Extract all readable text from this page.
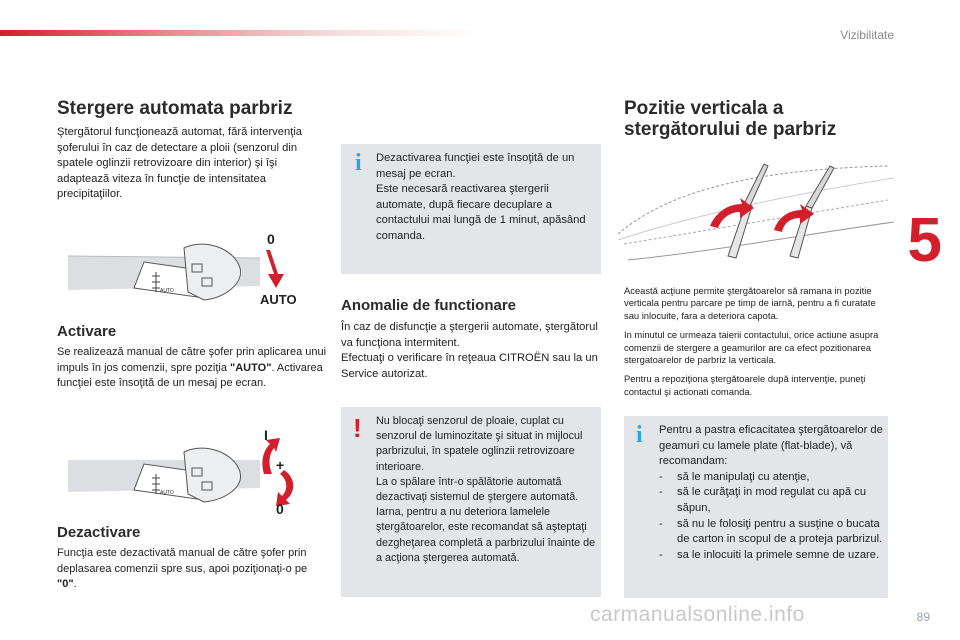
Vizibilitate
5
89
Stergere automata parbriz

Ştergătorul funcţionează automat, fără intervenţia şoferului în caz de detectare a ploii (senzorul din spatele oglinzii retrovizoare din interior) şi îşi adaptează viteza în funcţie de intensitatea precipitaţiilor.

AUTO
0
AUTO
Activare

Se realizează manual de către şofer prin aplicarea unui impuls în jos comenzii, spre poziţia "AUTO". Activarea funcţiei este însoţită de un mesaj pe ecran.

AUTO
I
+
0
Dezactivare

Funcţia este dezactivată manual de către şofer prin deplasarea comenzii spre sus, apoi poziţionaţi-o pe "0".

i Dezactivarea funcţiei este însoţită de un mesaj pe ecran.
Este necesară reactivarea ştergerii automate, după fiecare decuplare a contactului mai lungă de 1 minut, apăsând comanda.
Anomalie de functionare

În caz de disfuncţie a ştergerii automate, ştergătorul va funcţiona intermitent.
Efectuaţi o verificare în reţeaua CITROËN sau la un Service autorizat.

! Nu blocaţi senzorul de ploaie, cuplat cu senzorul de luminozitate şi situat in mijlocul parbrizului, în spatele oglinzii retrovizoare interioare.
La o spălare într-o spălătorie automată dezactivaţi sistemul de ştergere automată.
Iarna, pentru a nu deteriora lamelele ştergătoarelor, este recomandat să aşteptaţi dezgheţarea completă a parbrizului înainte de a acţiona ştergerea automată.
Pozitie verticala a stergătorului de parbriz

Această acţiune permite ştergătoarelor să ramana in pozitie verticala pentru parcare pe timp de iarnă, pentru a fi curatate sau inlocuite, fara a deteriora capota.

In minutul ce urmeaza taierii contactului, orice actiune asupra comenzii de stergere a geamurilor are ca efect pozitionarea stergatoarelor de parbriz la verticala.

Pentru a repoziţiona ştergătoarele după intervenţie, puneţi contactul şi actionati comanda.

i Pentru a pastra eficacitatea ştergătoarelor de geamuri cu lamele plate (flat-blade), vă recomandam:
- să le manipulaţi cu atenţie,
- să le curăţaţi in mod regulat cu apă cu săpun,
- să nu le folosiţi pentru a susţine o bucata de carton in scopul de a proteja parbrizul.
- sa le inlocuiti la primele semne de uzare.
carmanualsonline.info
